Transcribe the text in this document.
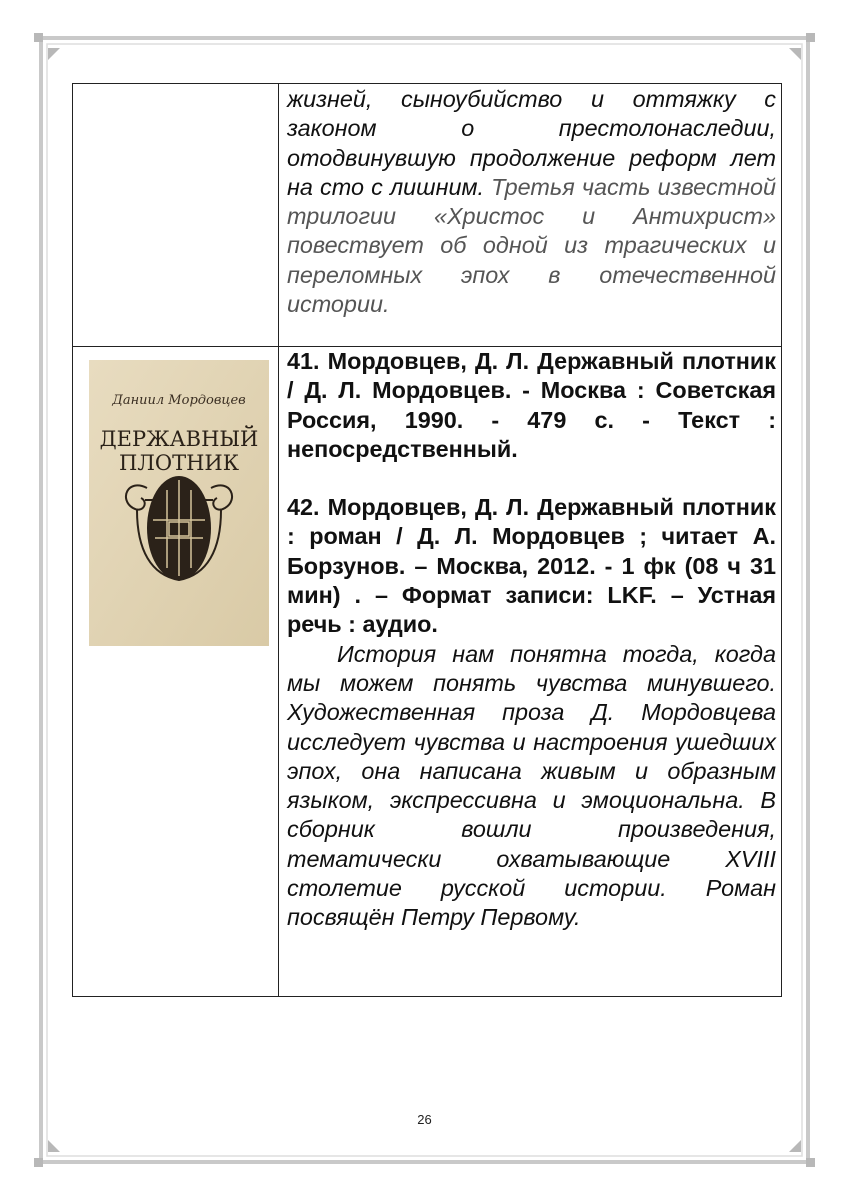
жизней, сыноубийство и оттяжку с законом о престолонаследии, отодвинувшую продолжение реформ лет на сто с лишним. Третья часть известной трилогии «Христос и Антихрист» повествует об одной из трагических и переломных эпох в отечественной истории.

Даниил Мордовцев
ДЕРЖАВНЫЙ
ПЛОТНИК

41. Мордовцев, Д. Л. Державный плотник / Д. Л. Мордовцев. - Москва : Советская Россия, 1990. - 479 с. - Текст : непосредственный.

42. Мордовцев, Д. Л. Державный плотник : роман / Д. Л. Мордовцев ; читает А. Борзунов. – Москва, 2012. - 1 фк (08 ч 31 мин) . – Формат записи: LKF. – Устная речь : аудио.

История нам понятна тогда, когда мы можем понять чувства минувшего. Художественная проза Д. Мордовцева исследует чувства и настроения ушедших эпох, она написана живым и образным языком, экспрессивна и эмоциональна. В сборник вошли произведения, тематически охватывающие XVIII столетие русской истории. Роман посвящён Петру Первому.

26
